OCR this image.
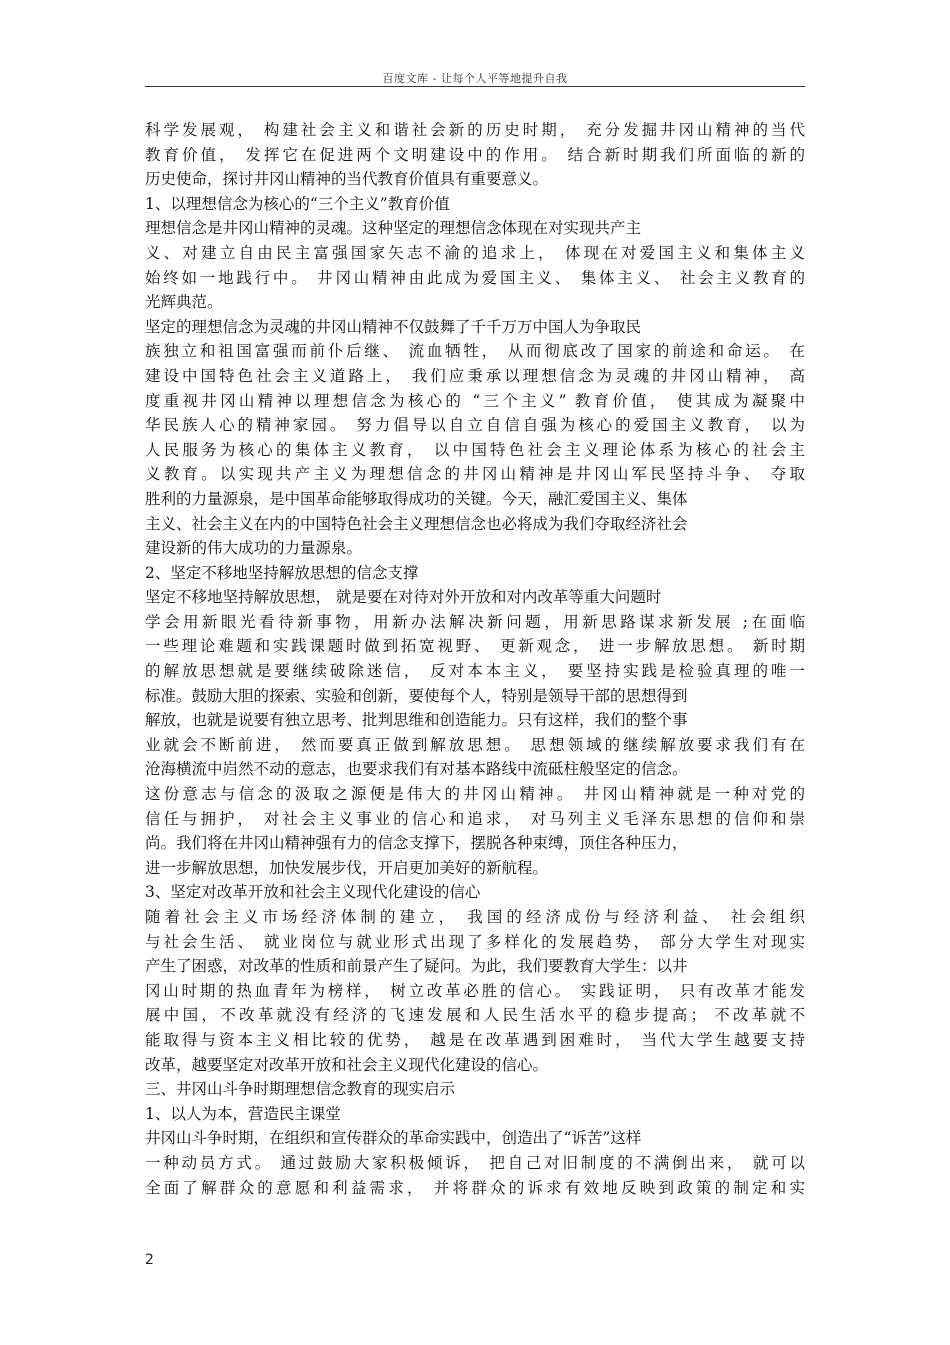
百度文库 - 让每个人平等地提升自我
科学发展观， 构建社会主义和谐社会新的历史时期， 充分发掘井冈山精神的当代
教育价值， 发挥它在促进两个文明建设中的作用。 结合新时期我们所面临的新的
历史使命，探讨井冈山精神的当代教育价值具有重要意义。
1、以理想信念为核心的“三个主义”教育价值
理想信念是井冈山精神的灵魂。这种坚定的理想信念体现在对实现共产主
义、对建立自由民主富强国家矢志不渝的追求上， 体现在对爱国主义和集体主义
始终如一地践行中。 井冈山精神由此成为爱国主义、 集体主义、 社会主义教育的
光辉典范。
坚定的理想信念为灵魂的井冈山精神不仅鼓舞了千千万万中国人为争取民
族独立和祖国富强而前仆后继、 流血牺牲， 从而彻底改了国家的前途和命运。 在
建设中国特色社会主义道路上， 我们应秉承以理想信念为灵魂的井冈山精神， 高
度重视井冈山精神以理想信念为核心的 “三个主义” 教育价值， 使其成为凝聚中
华民族人心的精神家园。 努力倡导以自立自信自强为核心的爱国主义教育， 以为
人民服务为核心的集体主义教育， 以中国特色社会主义理论体系为核心的社会主
义教育。以实现共产主义为理想信念的井冈山精神是井冈山军民坚持斗争、 夺取
胜利的力量源泉，是中国革命能够取得成功的关键。今天，融汇爱国主义、集体
主义、社会主义在内的中国特色社会主义理想信念也必将成为我们夺取经济社会
建设新的伟大成功的力量源泉。
2、坚定不移地坚持解放思想的信念支撑
坚定不移地坚持解放思想， 就是要在对待对外开放和对内改革等重大问题时
学会用新眼光看待新事物，用新办法解决新问题，用新思路谋求新发展 ;在面临
一些理论难题和实践课题时做到拓宽视野、 更新观念， 进一步解放思想。 新时期
的解放思想就是要继续破除迷信， 反对本本主义， 要坚持实践是检验真理的唯一
标准。鼓励大胆的探索、实验和创新，要使每个人，特别是领导干部的思想得到
解放，也就是说要有独立思考、批判思维和创造能力。只有这样，我们的整个事
业就会不断前进， 然而要真正做到解放思想。 思想领域的继续解放要求我们有在
沧海横流中岿然不动的意志，也要求我们有对基本路线中流砥柱般坚定的信念。
这份意志与信念的汲取之源便是伟大的井冈山精神。 井冈山精神就是一种对党的
信任与拥护， 对社会主义事业的信心和追求， 对马列主义毛泽东思想的信仰和崇
尚。我们将在井冈山精神强有力的信念支撑下，摆脱各种束缚，顶住各种压力，
进一步解放思想，加快发展步伐，开启更加美好的新航程。
3、坚定对改革开放和社会主义现代化建设的信心
随着社会主义市场经济体制的建立， 我国的经济成份与经济利益、 社会组织
与社会生活、 就业岗位与就业形式出现了多样化的发展趋势， 部分大学生对现实
产生了困惑，对改革的性质和前景产生了疑问。为此，我们要教育大学生：以井
冈山时期的热血青年为榜样， 树立改革必胜的信心。 实践证明， 只有改革才能发
展中国，不改革就没有经济的飞速发展和人民生活水平的稳步提高； 不改革就不
能取得与资本主义相比较的优势， 越是在改革遇到困难时， 当代大学生越要支持
改革，越要坚定对改革开放和社会主义现代化建设的信心。
三、井冈山斗争时期理想信念教育的现实启示
1、以人为本，营造民主课堂
井冈山斗争时期，在组织和宣传群众的革命实践中，创造出了“诉苦”这样
一种动员方式。 通过鼓励大家积极倾诉， 把自己对旧制度的不满倒出来， 就可以
全面了解群众的意愿和利益需求， 并将群众的诉求有效地反映到政策的制定和实
2
